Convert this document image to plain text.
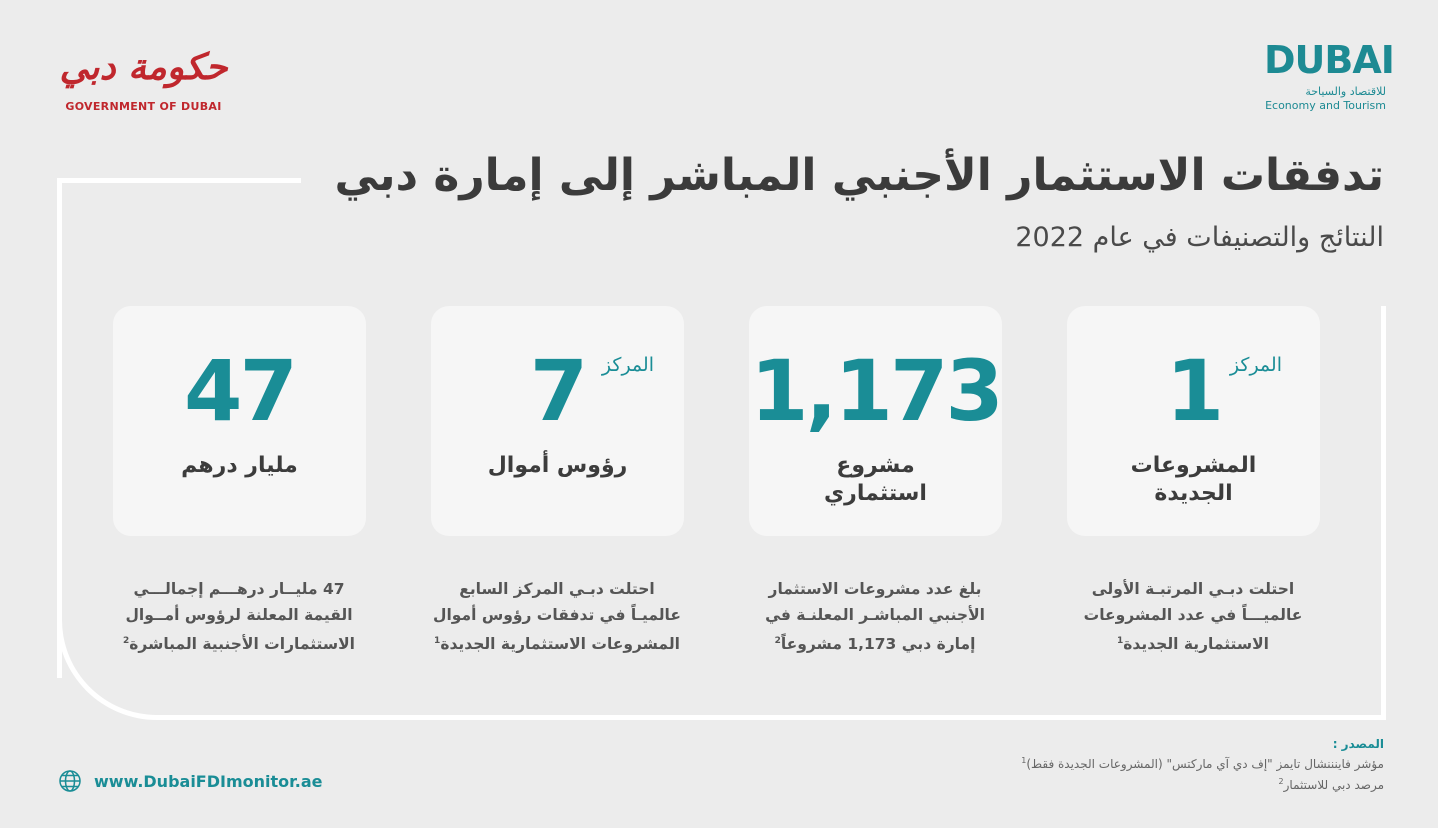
حكومة دبي
GOVERNMENT OF DUBAI
DUBAI
للاقتصاد والسياحة
Economy and Tourism
تدفقات الاستثمار الأجنبي المباشر إلى إمارة دبي
النتائج والتصنيفات في عام 2022
المركز
1
المشروعات الجديدة
احتلت دبـي المرتبـة الأولى
عالميـــاً في عدد المشروعات
الاستثمارية الجديدة$^1$
1,173
مشروع استثماري
بلغ عدد مشروعات الاستثمار
الأجنبي المباشـر المعلنـة في
إمارة دبي 1,173 مشروعاً$^2$
المركز
7
رؤوس أموال
احتلت دبـي المركز السابع
عالميـاً في تدفقات رؤوس أموال
المشروعات الاستثمارية الجديدة$^1$
47
مليار درهم
47 مليــار درهـــم إجمالـــي
القيمة المعلنة لرؤوس أمــوال
الاستثمارات الأجنبية المباشرة$^2$
المصدر :
مؤشر فاينننشال تايمز "إف دي آي ماركتس" (المشروعات الجديدة فقط)$^1$
مرصد دبي للاستثمار$^2$
www.DubaiFDImonitor.ae
